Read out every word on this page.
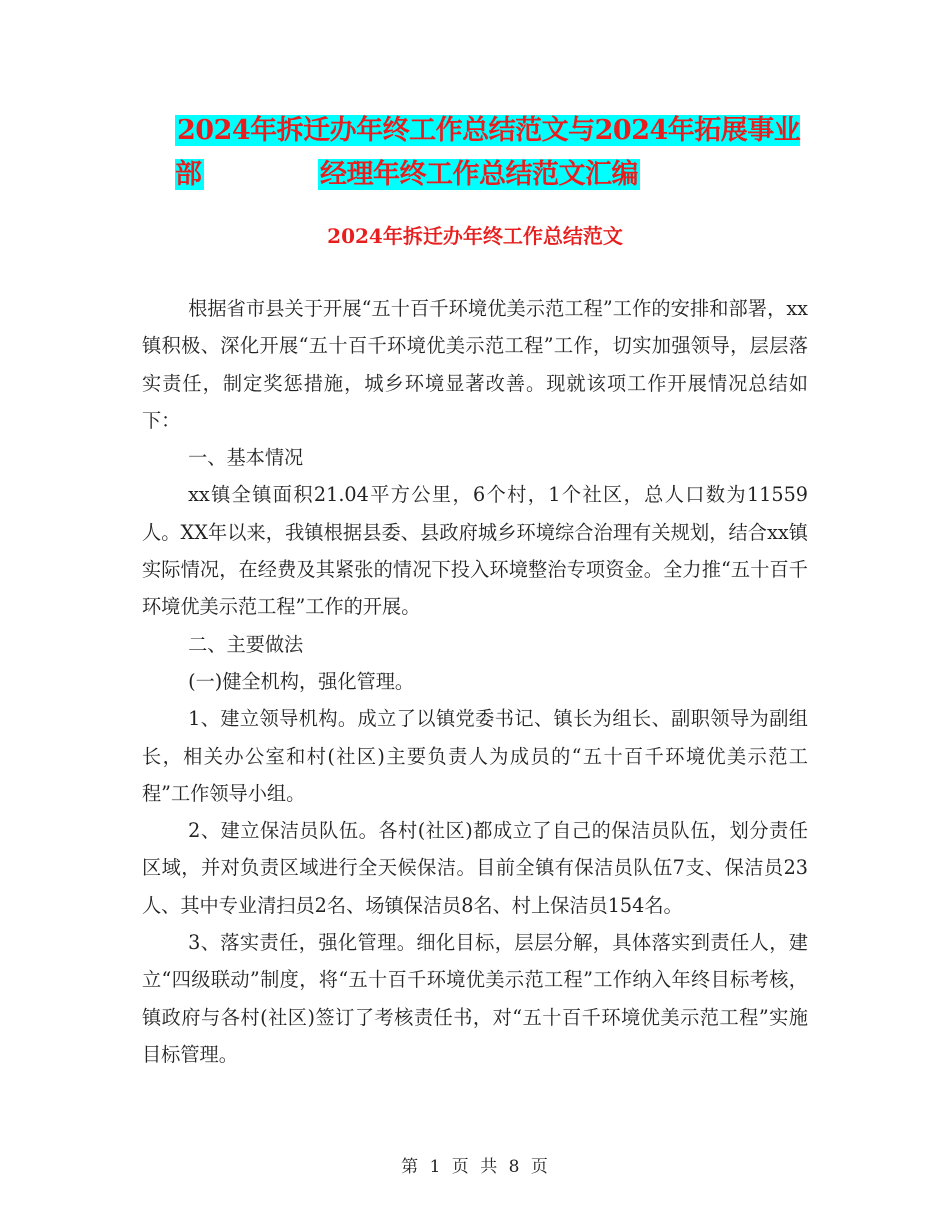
2024年拆迁办年终工作总结范文与2024年拓展事业部	经理年终工作总结范文汇编
2024年拆迁办年终工作总结范文

根据省市县关于开展“五十百千环境优美示范工程”工作的安排和部署，xx镇积极、深化开展“五十百千环境优美示范工程”工作，切实加强领导，层层落实责任，制定奖惩措施，城乡环境显著改善。现就该项工作开展情况总结如下：

一、基本情况

xx镇全镇面积21.04平方公里，6个村，1个社区，总人口数为11559人。XX年以来，我镇根据县委、县政府城乡环境综合治理有关规划，结合xx镇实际情况，在经费及其紧张的情况下投入环境整治专项资金。全力推“五十百千环境优美示范工程”工作的开展。

二、主要做法

(一)健全机构，强化管理。

1、建立领导机构。成立了以镇党委书记、镇长为组长、副职领导为副组长，相关办公室和村(社区)主要负责人为成员的“五十百千环境优美示范工程”工作领导小组。

2、建立保洁员队伍。各村(社区)都成立了自己的保洁员队伍，划分责任区域，并对负责区域进行全天候保洁。目前全镇有保洁员队伍7支、保洁员23人、其中专业清扫员2名、场镇保洁员8名、村上保洁员154名。

3、落实责任，强化管理。细化目标，层层分解，具体落实到责任人，建立“四级联动”制度，将“五十百千环境优美示范工程”工作纳入年终目标考核，镇政府与各村(社区)签订了考核责任书，对“五十百千环境优美示范工程”实施目标管理。

第 1 页 共 8 页
